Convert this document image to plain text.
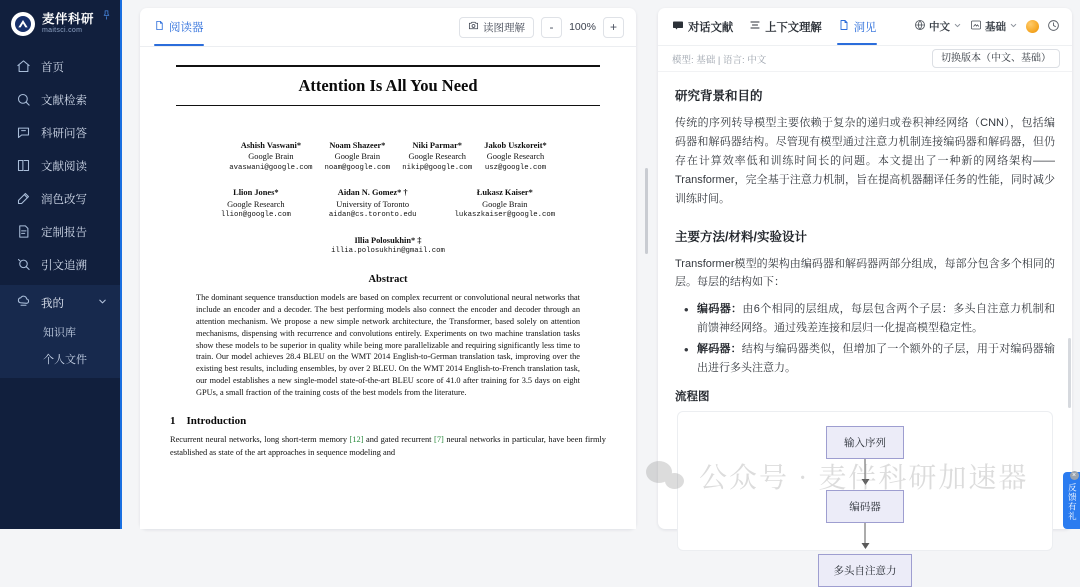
麦伴科研
maitsci.com
首页
文献检索
科研问答
文献阅读
润色改写
定制报告
引文追溯
我的
知识库
个人文件
阅读器	读图理解	-	100%	+
Attention Is All You Need
Ashish Vaswani*
Google Brain
avaswani@google.com
Noam Shazeer*
Google Brain
noam@google.com
Niki Parmar*
Google Research
nikip@google.com
Jakob Uszkoreit*
Google Research
usz@google.com
Llion Jones*
Google Research
llion@google.com
Aidan N. Gomez* †
University of Toronto
aidan@cs.toronto.edu
Łukasz Kaiser*
Google Brain
lukaszkaiser@google.com
Illia Polosukhin* ‡
illia.polosukhin@gmail.com
Abstract
The dominant sequence transduction models are based on complex recurrent or convolutional neural networks that include an encoder and a decoder. The best performing models also connect the encoder and decoder through an attention mechanism. We propose a new simple network architecture, the Transformer, based solely on attention mechanisms, dispensing with recurrence and convolutions entirely. Experiments on two machine translation tasks show these models to be superior in quality while being more parallelizable and requiring significantly less time to train. Our model achieves 28.4 BLEU on the WMT 2014 English-to-German translation task, improving over the existing best results, including ensembles, by over 2 BLEU. On the WMT 2014 English-to-French translation task, our model establishes a new single-model state-of-the-art BLEU score of 41.0 after training for 3.5 days on eight GPUs, a small fraction of the training costs of the best models from the literature.
1 Introduction
Recurrent neural networks, long short-term memory [12] and gated recurrent [7] neural networks in particular, have been firmly established as state of the art approaches in sequence modeling and
对话文献	上下文理解	洞见	中文	基础
模型: 基础 | 语言: 中文	切换版本（中文、基础）
研究背景和目的
传统的序列转导模型主要依赖于复杂的递归或卷积神经网络（CNN），包括编码器和解码器结构。尽管现有模型通过注意力机制连接编码器和解码器，但仍存在计算效率低和训练时间长的问题。本文提出了一种新的网络架构——Transformer，完全基于注意力机制，旨在提高机器翻译任务的性能，同时减少训练时间。
主要方法/材料/实验设计
Transformer模型的架构由编码器和解码器两部分组成，每部分包含多个相同的层。每层的结构如下：
• 编码器：由6个相同的层组成，每层包含两个子层：多头自注意力机制和前馈神经网络。通过残差连接和层归一化提高模型稳定性。
• 解码器：结构与编码器类似，但增加了一个额外的子层，用于对编码器输出进行多头注意力。
流程图
输入序列
编码器
多头自注意力
公众号 · 麦伴科研加速器
反馈有礼
×
